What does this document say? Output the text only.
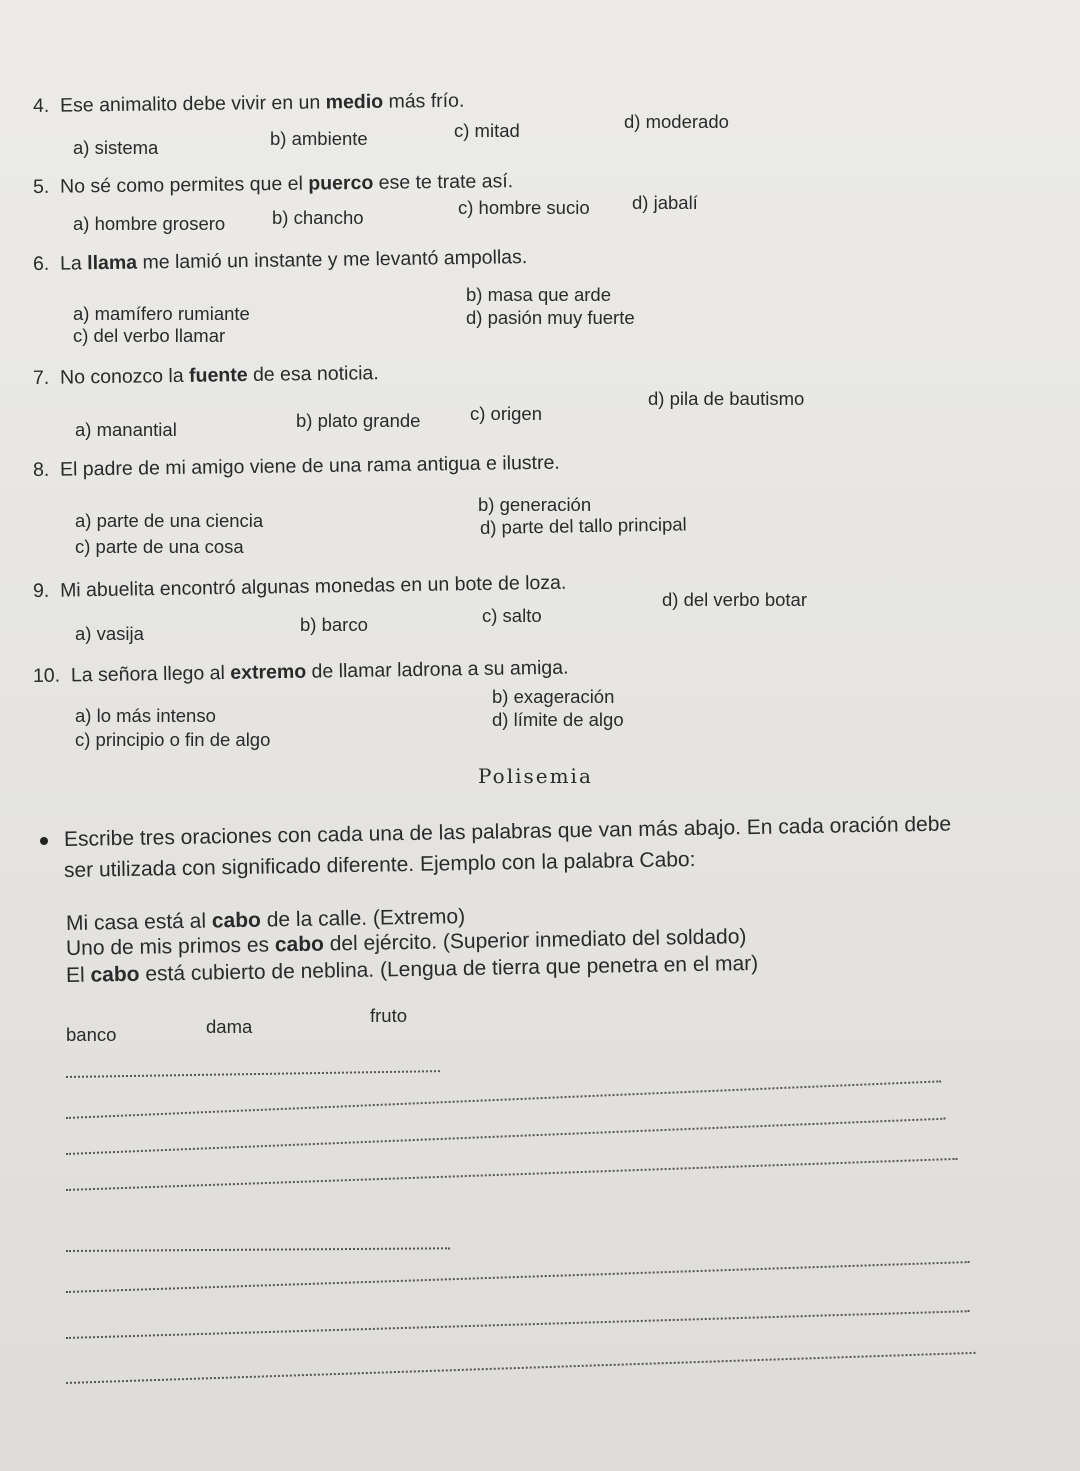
4. Ese animalito debe vivir en un medio más frío.
a) sistema	b) ambiente	c) mitad	d) moderado
5. No sé como permites que el puerco ese te trate así.
a) hombre grosero	b) chancho	c) hombre sucio d) jabalí
6. La llama me lamió un instante y me levantó ampollas.
a) mamífero rumiante
b) masa que arde
c) del verbo llamar
d) pasión muy fuerte
7. No conozco la fuente de esa noticia.
a) manantial	b) plato grande	c) origen
d) pila de bautismo
8. El padre de mi amigo viene de una rama antigua e ilustre.
a) parte de una ciencia
b) generación
c) parte de una cosa
d) parte del tallo principal
9. Mi abuelita encontró algunas monedas en un bote de loza.
a) vasija	b) barco	c) salto
d) del verbo botar
10. La señora llego al extremo de llamar ladrona a su amiga.
a) lo más intenso
b) exageración
c) principio o fin de algo
d) límite de algo
Polisemia
Escribe tres oraciones con cada una de las palabras que van más abajo. En cada oración debe
ser utilizada con significado diferente. Ejemplo con la palabra Cabo:
Mi casa está al cabo de la calle. (Extremo)
Uno de mis primos es cabo del ejército. (Superior inmediato del soldado)
El cabo está cubierto de neblina. (Lengua de tierra que penetra en el mar)
banco	dama
fruto
